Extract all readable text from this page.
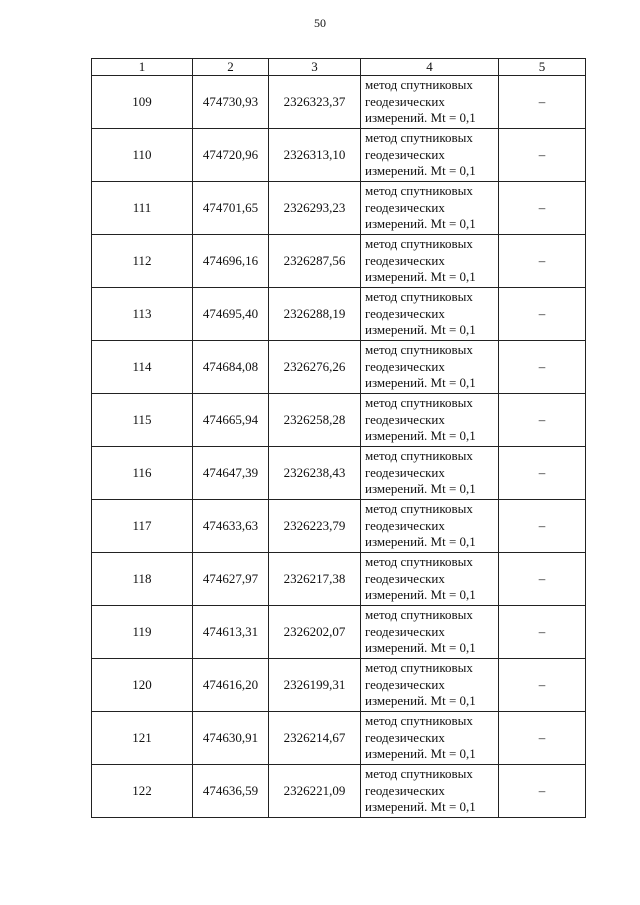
50
1	2	3	4	5
109	474730,93	2326323,37	метод спутниковых
геодезических
измерений. Mt = 0,1	–
110	474720,96	2326313,10	метод спутниковых
геодезических
измерений. Mt = 0,1	–
111	474701,65	2326293,23	метод спутниковых
геодезических
измерений. Mt = 0,1	–
112	474696,16	2326287,56	метод спутниковых
геодезических
измерений. Mt = 0,1	–
113	474695,40	2326288,19	метод спутниковых
геодезических
измерений. Mt = 0,1	–
114	474684,08	2326276,26	метод спутниковых
геодезических
измерений. Mt = 0,1	–
115	474665,94	2326258,28	метод спутниковых
геодезических
измерений. Mt = 0,1	–
116	474647,39	2326238,43	метод спутниковых
геодезических
измерений. Mt = 0,1	–
117	474633,63	2326223,79	метод спутниковых
геодезических
измерений. Mt = 0,1	–
118	474627,97	2326217,38	метод спутниковых
геодезических
измерений. Mt = 0,1	–
119	474613,31	2326202,07	метод спутниковых
геодезических
измерений. Mt = 0,1	–
120	474616,20	2326199,31	метод спутниковых
геодезических
измерений. Mt = 0,1	–
121	474630,91	2326214,67	метод спутниковых
геодезических
измерений. Mt = 0,1	–
122	474636,59	2326221,09	метод спутниковых
геодезических
измерений. Mt = 0,1	–
